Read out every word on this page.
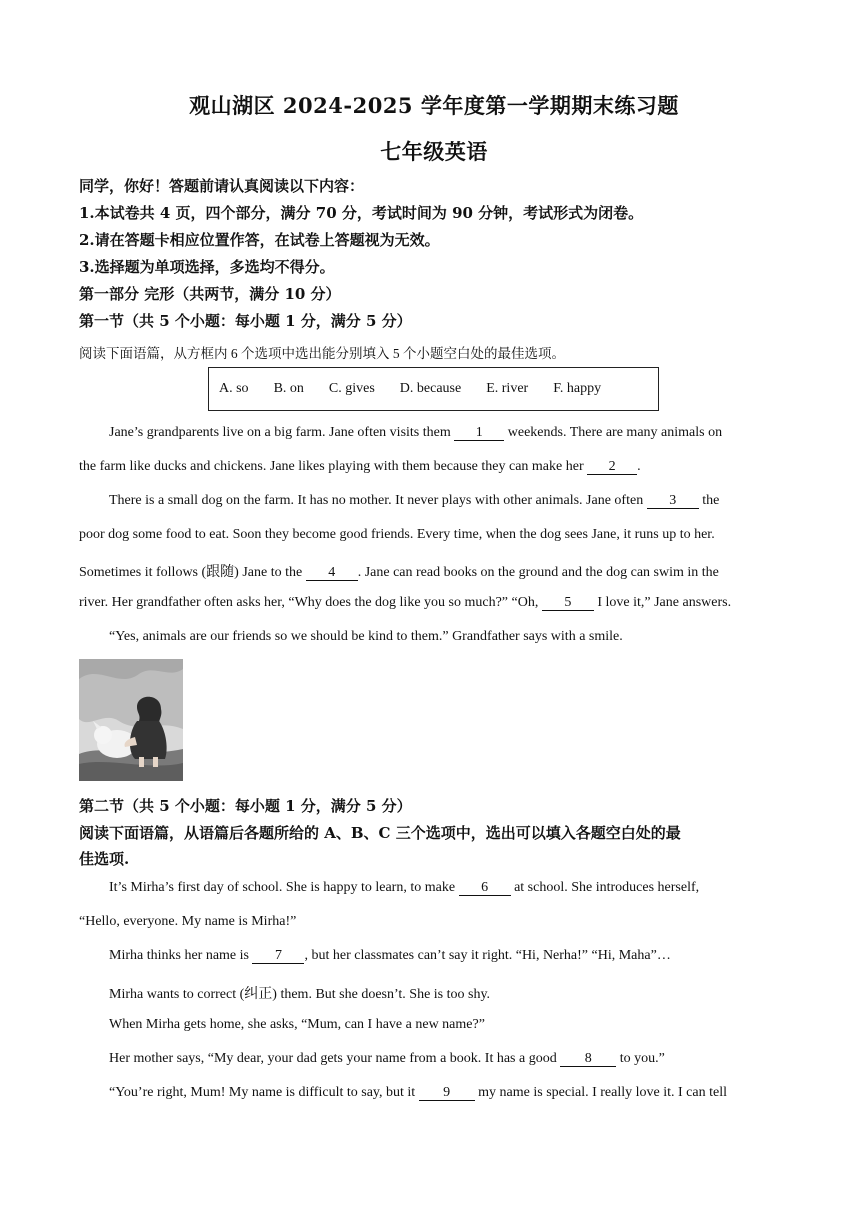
观山湖区 2024-2025 学年度第一学期期末练习题
七年级英语
同学，你好！答题前请认真阅读以下内容：
1.本试卷共 4 页，四个部分，满分 70 分，考试时间为 90 分钟，考试形式为闭卷。
2.请在答题卡相应位置作答，在试卷上答题视为无效。
3.选择题为单项选择，多选均不得分。
第一部分 完形（共两节，满分 10 分）
第一节（共 5 个小题：每小题 1 分，满分 5 分）
阅读下面语篇，从方框内 6 个选项中选出能分别填入 5 个小题空白处的最佳选项。
A. so B. on C. gives D. because E. river F. happy
Jane’s grandparents live on a big farm. Jane often visits them 1 weekends. There are many animals on
the farm like ducks and chickens. Jane likes playing with them because they can make her 2 .
There is a small dog on the farm. It has no mother. It never plays with other animals. Jane often 3 the
poor dog some food to eat. Soon they become good friends. Every time, when the dog sees Jane, it runs up to her.
Sometimes it follows (跟随) Jane to the 4 . Jane can read books on the ground and the dog can swim in the
river. Her grandfather often asks her, “Why does the dog like you so much?” “Oh, 5 I love it,” Jane answers.
“Yes, animals are our friends so we should be kind to them.” Grandfather says with a smile.
第二节（共 5 个小题：每小题 1 分，满分 5 分）
阅读下面语篇，从语篇后各题所给的 A、B、C 三个选项中，选出可以填入各题空白处的最
佳选项.
It’s Mirha’s first day of school. She is happy to learn, to make 6 at school. She introduces herself,
“Hello, everyone. My name is Mirha!”
Mirha thinks her name is 7 , but her classmates can’t say it right. “Hi, Nerha!” “Hi, Maha”…
Mirha wants to correct (纠正) them. But she doesn’t. She is too shy.
When Mirha gets home, she asks, “Mum, can I have a new name?”
Her mother says, “My dear, your dad gets your name from a book. It has a good 8 to you.”
“You’re right, Mum! My name is difficult to say, but it 9 my name is special. I really love it. I can tell
